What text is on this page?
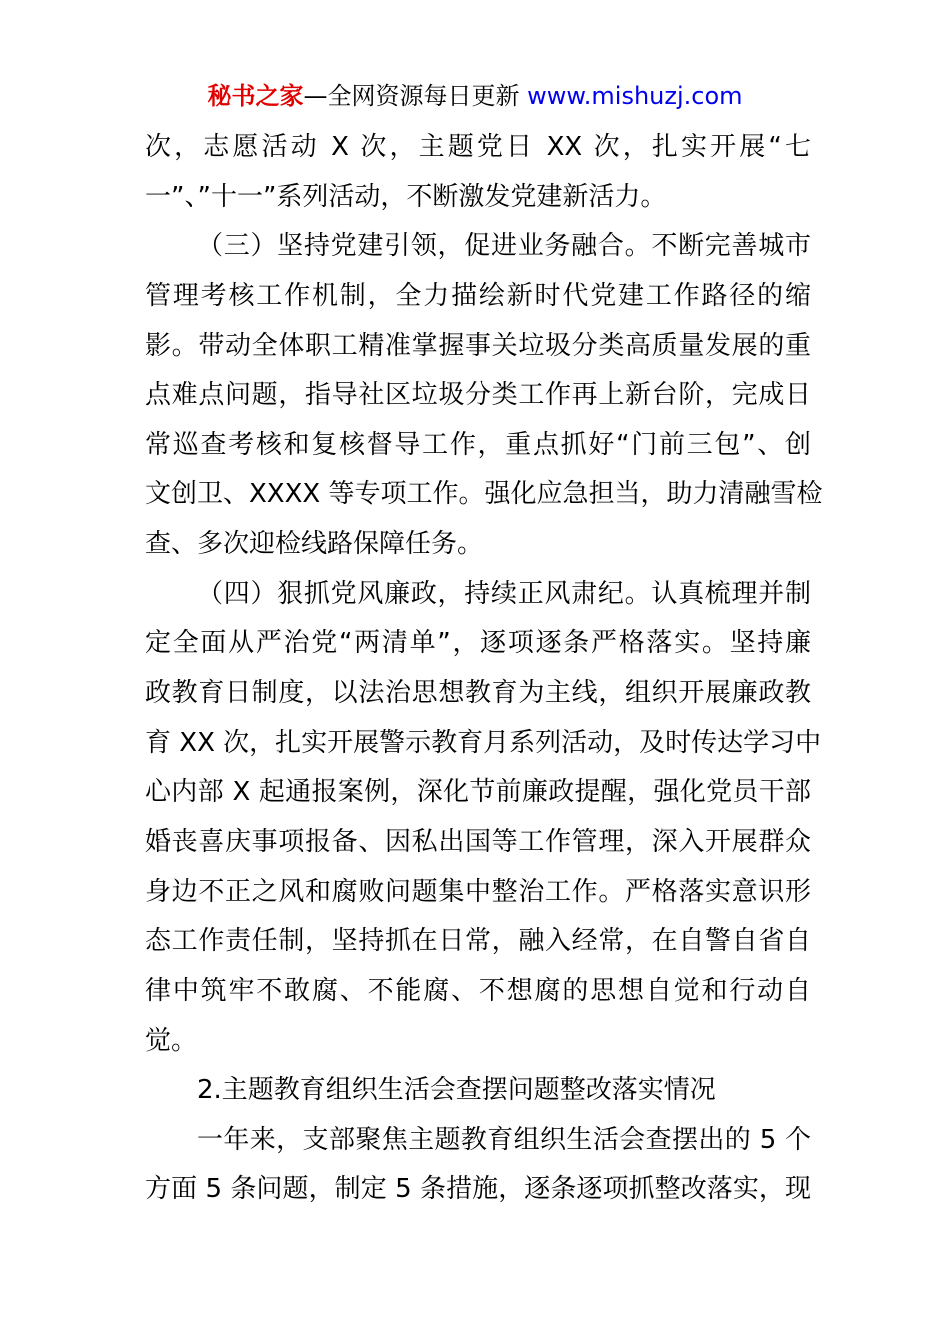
秘书之家—全网资源每日更新 www.mishuzj.com
次，志愿活动 X 次，主题党日 XX 次，扎实开展“七
一”、”十一”系列活动，不断激发党建新活力。
（三）坚持党建引领，促进业务融合。不断完善城市
管理考核工作机制，全力描绘新时代党建工作路径的缩
影。带动全体职工精准掌握事关垃圾分类高质量发展的重
点难点问题，指导社区垃圾分类工作再上新台阶，完成日
常巡查考核和复核督导工作，重点抓好“门前三包”、创
文创卫、XXXX 等专项工作。强化应急担当，助力清融雪检
查、多次迎检线路保障任务。
（四）狠抓党风廉政，持续正风肃纪。认真梳理并制
定全面从严治党“两清单”，逐项逐条严格落实。坚持廉
政教育日制度，以法治思想教育为主线，组织开展廉政教
育 XX 次，扎实开展警示教育月系列活动，及时传达学习中
心内部 X 起通报案例，深化节前廉政提醒，强化党员干部
婚丧喜庆事项报备、因私出国等工作管理，深入开展群众
身边不正之风和腐败问题集中整治工作。严格落实意识形
态工作责任制，坚持抓在日常，融入经常，在自警自省自
律中筑牢不敢腐、不能腐、不想腐的思想自觉和行动自
觉。
2.主题教育组织生活会查摆问题整改落实情况
一年来，支部聚焦主题教育组织生活会查摆出的 5 个
方面 5 条问题，制定 5 条措施，逐条逐项抓整改落实，现
